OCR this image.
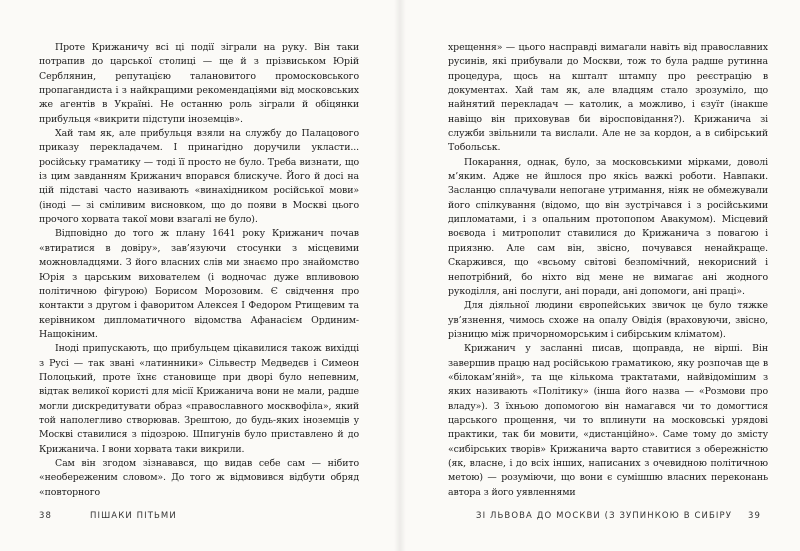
Проте Крижаничу всі ці події зіграли на руку. Він таки потрапив до царської столиці — ще й з прізвиськом Юрій Серблянин, репутацією талановитого промосковського пропагандиста і з найкращими рекомендаціями від московських же агентів в Україні. Не останню роль зіграли й обіцянки прибульця «викрити підступи іноземців».

Хай там як, але прибульця взяли на службу до Палацового приказу перекладачем. І принагідно доручили укласти... російську граматику — тоді її просто не було. Треба визнати, що із цим завданням Крижанич впорався блискуче. Його й досі на цій підставі часто називають «винахідником російської мови» (іноді — зі сміливим висновком, що до появи в Москві цього прочого хорвата такої мови взагалі не було).

Відповідно до того ж плану 1641 року Крижанич почав «втиратися в довіру», зав’язуючи стосунки з місцевими можновладцями. З його власних слів ми знаємо про знайомство Юрія з царським вихователем (і водночас дуже впливовою політичною фігурою) Борисом Морозовим. Є свідчення про контакти з другом і фаворитом Алексея І Федором Ртищевим та керівником дипломатичного відомства Афанасієм Ординим-Нащокіним.

Іноді припускають, що прибульцем цікавилися також вихідці з Русі — так звані «латинники» Сільвестр Медведєв і Симеон Полоцький, проте їхнє становище при дворі було непевним, відтак великої користі для місії Крижанича вони не мали, радше могли дискредитувати образ «православного москвофіла», який той наполегливо створював. Зрештою, до будь-яких іноземців у Москві ставилися з підозрою. Шпигунів було приставлено й до Крижанича. І вони хорвата таки викрили.

Сам він згодом зізнавався, що видав себе сам — нібито «необереженим словом». До того ж відмовився відбути обряд «повторного

38	ПІШАКИ ПІТЬМИ

хрещення» — цього насправді вимагали навіть від православних русинів, які прибували до Москви, тож то була радше рутинна процедура, щось на кшталт штампу про реєстрацію в документах. Хай там як, але владцям стало зрозуміло, що найнятий перекладач — католик, а можливо, і єзуїт (інакше навіщо він приховував би віросповідання?). Крижанича зі служби звільнили та вислали. Але не за кордон, а в сибірський Тобольськ.

Покарання, однак, було, за московськими мірками, доволі м’яким. Адже не йшлося про якісь важкі роботи. Навпаки. Засланцю сплачували непогане утримання, ніяк не обмежували його спілкування (відомо, що він зустрічався і з російськими дипломатами, і з опальним протопопом Авакумом). Місцевий воєвода і митрополит ставилися до Крижанича з повагою і приязню. Але сам він, звісно, почувався ненайкраще. Скаржився, що «всьому світові безпомічний, некорисний і непотрібний, бо ніхто від мене не вимагає ані жодного рукоділля, ані послуги, ані поради, ані допомоги, ані праці».

Для діяльної людини європейських звичок це було тяжке ув’язнення, чимось схоже на опалу Овідія (враховуючи, звісно, різницю між причорноморським і сибірським кліматом).

Крижанич у засланні писав, щоправда, не вірші. Він завершив працю над російською граматикою, яку розпочав ще в «білокам’яній», та ще кількома трактатами, найвідомішим з яких називають «Політику» (інша його назва — «Розмови про владу»). З їхньою допомогою він намагався чи то домогтися царського прощення, чи то вплинути на московські урядові практики, так би мовити, «дистанційно». Саме тому до змісту «сибірських творів» Крижанича варто ставитися з обережністю (як, власне, і до всіх інших, написаних з очевидною політичною метою) — розуміючи, що вони є сумішшю власних переконань автора з його уявленнями

ЗІ ЛЬВОВА ДО МОСКВИ (З ЗУПИНКОЮ В СИБІРУ 39
